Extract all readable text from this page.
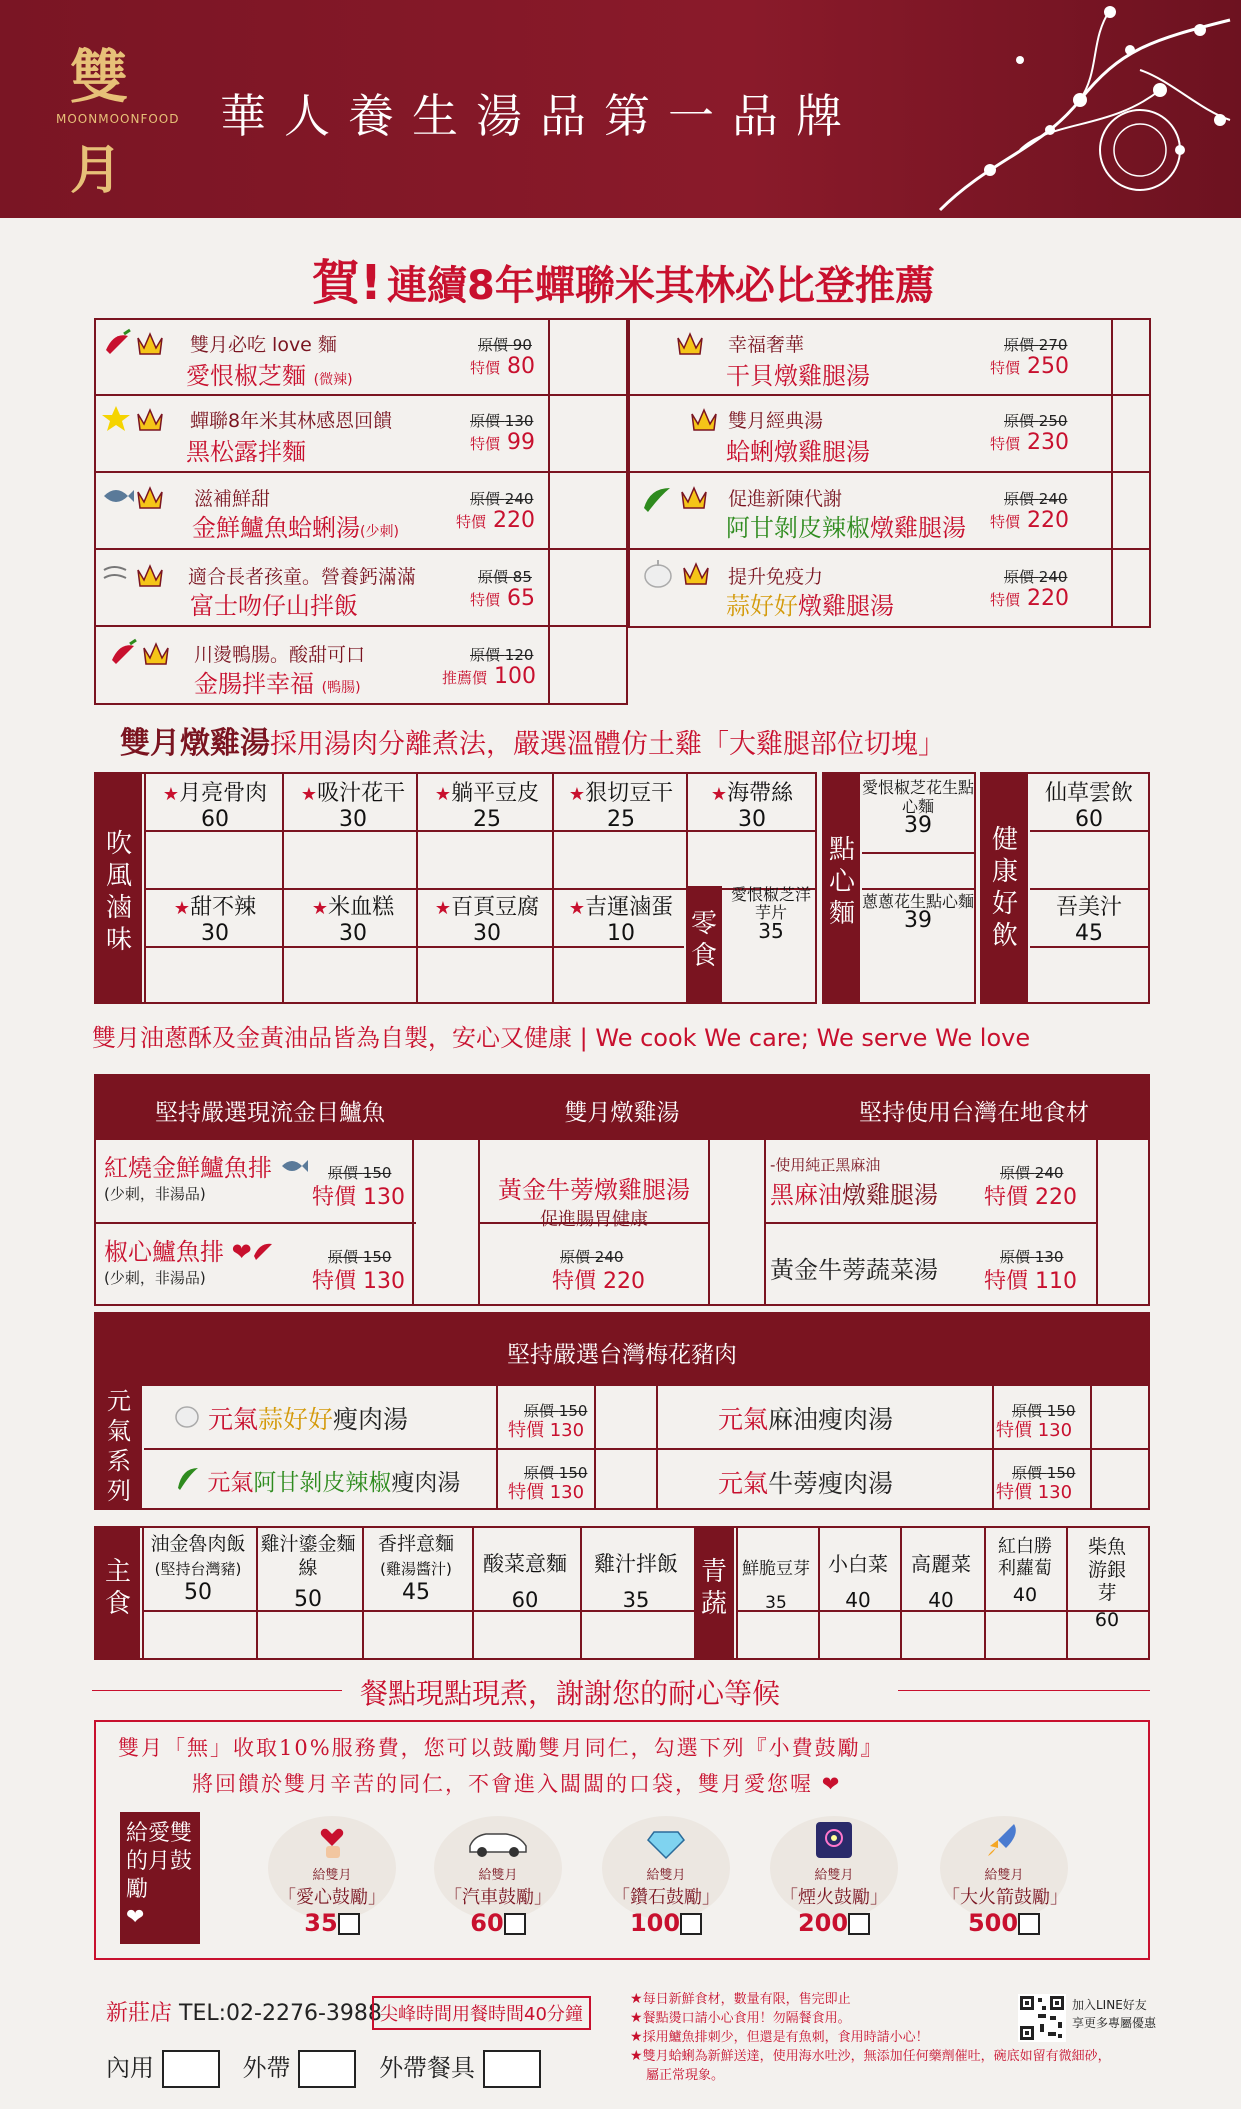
雙
MOONMOONFOOD
月
華人養生湯品第一品牌
賀! 連續8年蟬聯米其林必比登推薦
雙月必吃 love 麵
愛恨椒芝麵 (微辣)
原價 90
特價 80
蟬聯8年米其林感恩回饋
黑松露拌麵
原價 130
特價 99
滋補鮮甜
金鮮鱸魚蛤蜊湯(少刺)
原價 240
特價 220
適合長者孩童。營養鈣滿滿
富士吻仔山拌飯
原價 85
特價 65
川燙鴨腸。酸甜可口
金腸拌幸福 (鴨腸)
原價 120
推薦價 100
幸福奢華
干貝燉雞腿湯
原價 270
特價 250
雙月經典湯
蛤蜊燉雞腿湯
原價 250
特價 230
促進新陳代謝
阿甘剝皮辣椒燉雞腿湯
原價 240
特價 220
提升免疫力
蒜好好燉雞腿湯
原價 240
特價 220
雙月燉雞湯採用湯肉分離煮法，嚴選溫體仿土雞「大雞腿部位切塊」
吹風滷味
零食
★月亮骨肉
60
★吸汁花干
30
★躺平豆皮
25
★狠切豆干
25
★海帶絲
30
★甜不辣
30
★米血糕
30
★百頁豆腐
30
★吉運滷蛋
10
愛恨椒芝洋芋片
35
點心麵
愛恨椒芝花生點心麵
39
蔥蔥花生點心麵
39
健康好飲
仙草雲飲
60
吾美汁
45
雙月油蔥酥及金黃油品皆為自製，安心又健康 | We cook We care; We serve We love
堅持嚴選現流金目鱸魚	雙月燉雞湯	堅持使用台灣在地食材
紅燒金鮮鱸魚排
(少刺，非湯品)
原價 150
特價 130
椒心鱸魚排 ❤
(少刺，非湯品)
原價 150
特價 130
黃金牛蒡燉雞腿湯
促進腸胃健康
原價 240
特價 220
-使用純正黑麻油
黑麻油燉雞腿湯
原價 240
特價 220
黃金牛蒡蔬菜湯	原價 130
特價 110
堅持嚴選台灣梅花豬肉
元氣系列
元氣蒜好好瘦肉湯	原價 150
特價 130	元氣麻油瘦肉湯	原價 150
特價 130
元氣阿甘剝皮辣椒瘦肉湯	原價 150
特價 130	元氣牛蒡瘦肉湯	原價 150
特價 130
主食
青蔬
油金魯肉飯
(堅持台灣豬)
50
雞汁鎏金麵線
50
香拌意麵
(雞湯醬汁)
45
酸菜意麵
60
雞汁拌飯
35
鮮脆豆芽
35
小白菜
40
高麗菜
40
紅白勝利蘿蔔
40
柴魚游銀芽
60
餐點現點現煮，謝謝您的耐心等候
雙月「無」收取10%服務費，您可以鼓勵雙月同仁，勾選下列『小費鼓勵』
將回饋於雙月辛苦的同仁，不會進入闆闆的口袋，雙月愛您喔 ❤
給愛雙的月鼓勵
❤
給雙月
「愛心鼓勵」
35
給雙月
「汽車鼓勵」
60
給雙月
「鑽石鼓勵」
100
給雙月
「煙火鼓勵」
200
給雙月
「大火箭鼓勵」
500
新莊店 TEL:02-2276-3988
尖峰時間用餐時間40分鐘
內用	外帶	外帶餐具
★每日新鮮食材，數量有限，售完即止
★餐點燙口請小心食用！勿隔餐食用。
★採用鱸魚排刺少，但還是有魚刺，食用時請小心！
★雙月蛤蜊為新鮮送達，使用海水吐沙，無添加任何藥劑催吐，碗底如留有微細砂，
屬正常現象。
加入LINE好友
享更多專屬優惠
